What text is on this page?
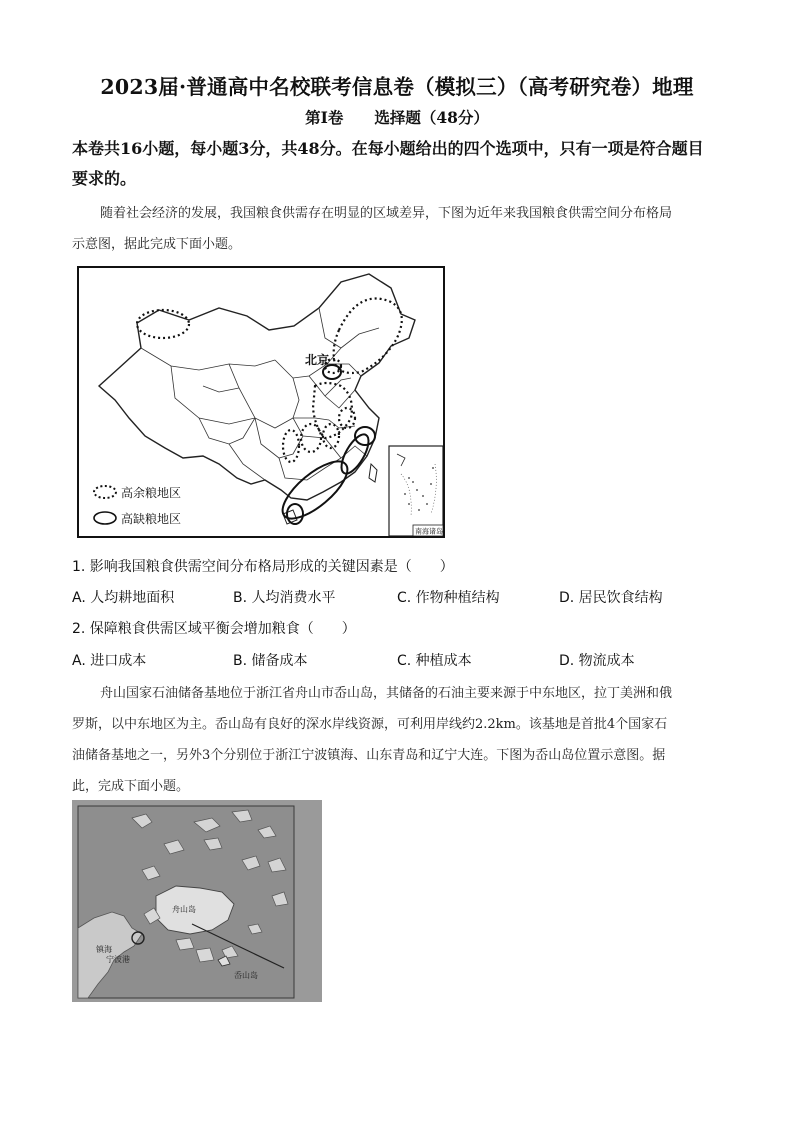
2023届·普通高中名校联考信息卷（模拟三）（高考研究卷）地理
第Ⅰ卷　　选择题（48分）
本卷共16小题，每小题3分，共48分。在每小题给出的四个选项中，只有一项是符合题目
要求的。
随着社会经济的发展，我国粮食供需存在明显的区域差异，下图为近年来我国粮食供需空间分布格局
示意图，据此完成下面小题。
北京
南海诸岛
高余粮地区
高缺粮地区
1. 影响我国粮食供需空间分布格局形成的关键因素是（　　）
A. 人均耕地面积	B. 人均消费水平	C. 作物种植结构	D. 居民饮食结构
2. 保障粮食供需区域平衡会增加粮食（　　）
A. 进口成本	B. 储备成本	C. 种植成本	D. 物流成本
舟山国家石油储备基地位于浙江省舟山市岙山岛，其储备的石油主要来源于中东地区，拉丁美洲和俄
罗斯，以中东地区为主。岙山岛有良好的深水岸线资源，可利用岸线约2.2km。该基地是首批4个国家石
油储备基地之一，另外3个分别位于浙江宁波镇海、山东青岛和辽宁大连。下图为岙山岛位置示意图。据
此，完成下面小题。
舟山岛
镇海
宁波港
岙山岛
